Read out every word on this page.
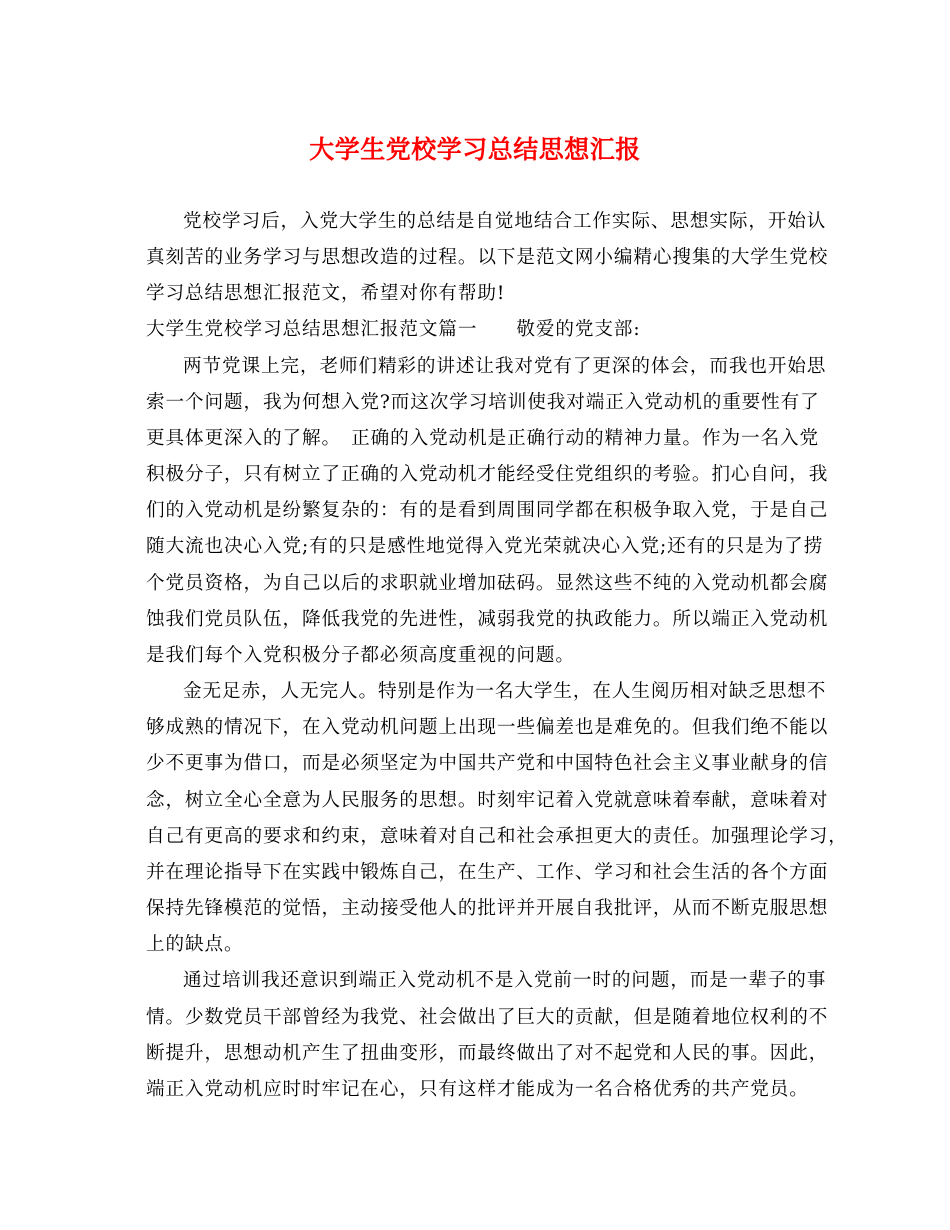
大学生党校学习总结思想汇报
党校学习后，入党大学生的总结是自觉地结合工作实际、思想实际，开始认
真刻苦的业务学习与思想改造的过程。以下是范文网小编精心搜集的大学生党校
学习总结思想汇报范文，希望对你有帮助!
大学生党校学习总结思想汇报范文篇一　　敬爱的党支部:
两节党课上完，老师们精彩的讲述让我对党有了更深的体会，而我也开始思
索一个问题，我为何想入党?而这次学习培训使我对端正入党动机的重要性有了
更具体更深入的了解。　正确的入党动机是正确行动的精神力量。作为一名入党
积极分子，只有树立了正确的入党动机才能经受住党组织的考验。扪心自问，我
们的入党动机是纷繁复杂的：有的是看到周围同学都在积极争取入党，于是自己
随大流也决心入党;有的只是感性地觉得入党光荣就决心入党;还有的只是为了捞
个党员资格，为自己以后的求职就业增加砝码。显然这些不纯的入党动机都会腐
蚀我们党员队伍，降低我党的先进性，减弱我党的执政能力。所以端正入党动机
是我们每个入党积极分子都必须高度重视的问题。
金无足赤，人无完人。特别是作为一名大学生，在人生阅历相对缺乏思想不
够成熟的情况下，在入党动机问题上出现一些偏差也是难免的。但我们绝不能以
少不更事为借口，而是必须坚定为中国共产党和中国特色社会主义事业献身的信
念，树立全心全意为人民服务的思想。时刻牢记着入党就意味着奉献，意味着对
自己有更高的要求和约束，意味着对自己和社会承担更大的责任。加强理论学习，
并在理论指导下在实践中锻炼自己，在生产、工作、学习和社会生活的各个方面
保持先锋模范的觉悟，主动接受他人的批评并开展自我批评，从而不断克服思想
上的缺点。
通过培训我还意识到端正入党动机不是入党前一时的问题，而是一辈子的事
情。少数党员干部曾经为我党、社会做出了巨大的贡献，但是随着地位权利的不
断提升，思想动机产生了扭曲变形，而最终做出了对不起党和人民的事。因此，
端正入党动机应时时牢记在心，只有这样才能成为一名合格优秀的共产党员。
